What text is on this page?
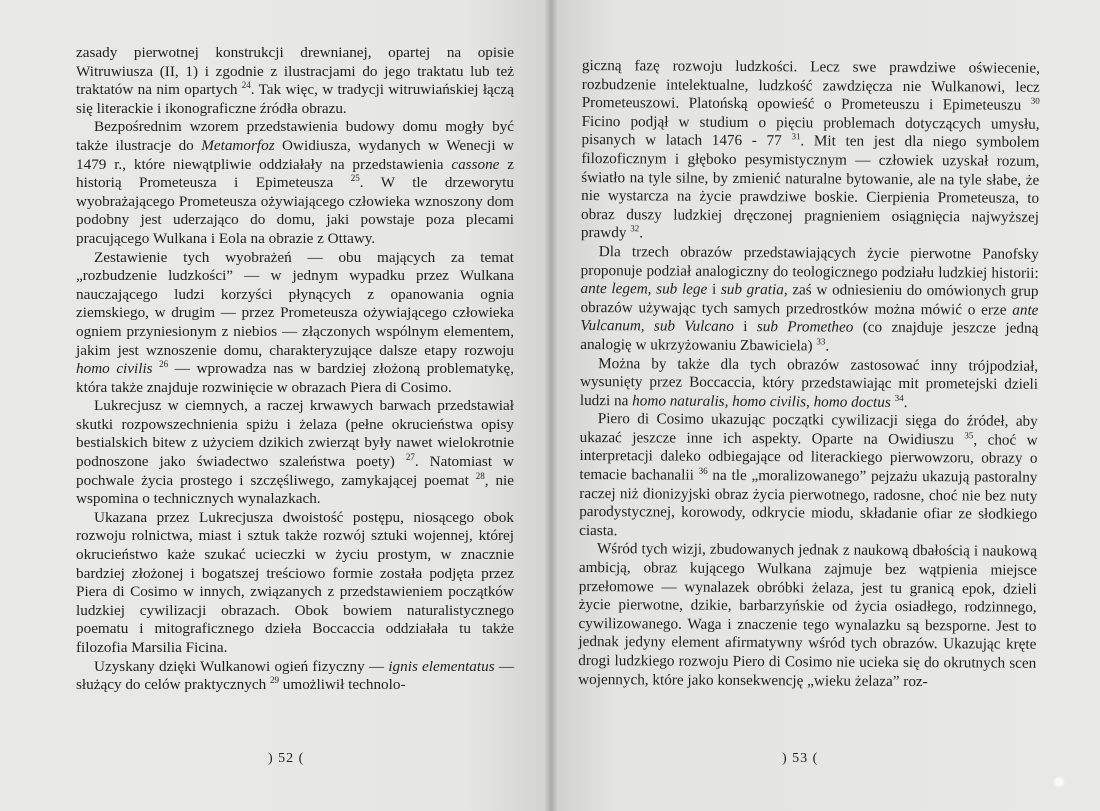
zasady pierwotnej konstrukcji drewnianej, opartej na opisie Witruwiusza (II, 1) i zgodnie z ilustracjami do jego traktatu lub też traktatów na nim opartych $^{24}$. Tak więc, w tradycji witruwiańskiej łączą się literackie i ikonograficzne źródła obrazu.

Bezpośrednim wzorem przedstawienia budowy domu mogły być także ilustracje do Metamorfoz Owidiusza, wydanych w Wenecji w 1479 r., które niewątpliwie oddziałały na przedstawienia cassone z historią Prometeusza i Epimeteusza $^{25}$. W tle drzeworytu wyobrażającego Prometeusza ożywiającego człowieka wznoszony dom podobny jest uderzająco do domu, jaki powstaje poza plecami pracującego Wulkana i Eola na obrazie z Ottawy.

Zestawienie tych wyobrażeń — obu mających za temat „rozbudzenie ludzkości” — w jednym wypadku przez Wulkana nauczającego ludzi korzyści płynących z opanowania ognia ziemskiego, w drugim — przez Prometeusza ożywiającego człowieka ogniem przyniesionym z niebios — złączonych wspólnym elementem, jakim jest wznoszenie domu, charakteryzujące dalsze etapy rozwoju homo civilis $^{26}$ — wprowadza nas w bardziej złożoną problematykę, która także znajduje rozwinięcie w obrazach Piera di Cosimo.

Lukrecjusz w ciemnych, a raczej krwawych barwach przedstawiał skutki rozpowszechnienia spiżu i żelaza (pełne okrucieństwa opisy bestialskich bitew z użyciem dzikich zwierząt były nawet wielokrotnie podnoszone jako świadectwo szaleństwa poety) $^{27}$. Natomiast w pochwale życia prostego i szczęśliwego, zamykającej poemat $^{28}$, nie wspomina o technicznych wynalazkach.

Ukazana przez Lukrecjusza dwoistość postępu, niosącego obok rozwoju rolnictwa, miast i sztuk także rozwój sztuki wojennej, której okrucieństwo każe szukać ucieczki w życiu prostym, w znacznie bardziej złożonej i bogatszej treściowo formie została podjęta przez Piera di Cosimo w innych, związanych z przedstawieniem początków ludzkiej cywilizacji obrazach. Obok bowiem naturalistycznego poematu i mitograficznego dzieła Boccaccia oddziałała tu także filozofia Marsilia Ficina.

Uzyskany dzięki Wulkanowi ogień fizyczny — ignis elementatus — służący do celów praktycznych $^{29}$ umożliwił technolo-

) 52 (

giczną fazę rozwoju ludzkości. Lecz swe prawdziwe oświecenie, rozbudzenie intelektualne, ludzkość zawdzięcza nie Wulkanowi, lecz Prometeuszowi. Platońską opowieść o Prometeuszu i Epimeteuszu $^{30}$ Ficino podjął w studium o pięciu problemach dotyczących umysłu, pisanych w latach 1476 - 77 $^{31}$. Mit ten jest dla niego symbolem filozoficznym i głęboko pesymistycznym — człowiek uzyskał rozum, światło na tyle silne, by zmienić naturalne bytowanie, ale na tyle słabe, że nie wystarcza na życie prawdziwe boskie. Cierpienia Prometeusza, to obraz duszy ludzkiej dręczonej pragnieniem osiągnięcia najwyższej prawdy $^{32}$.

Dla trzech obrazów przedstawiających życie pierwotne Panofsky proponuje podział analogiczny do teologicznego podziału ludzkiej historii: ante legem, sub lege i sub gratia, zaś w odniesieniu do omówionych grup obrazów używając tych samych przedrostków można mówić o erze ante Vulcanum, sub Vulcano i sub Prometheo (co znajduje jeszcze jedną analogię w ukrzyżowaniu Zbawiciela) $^{33}$.

Można by także dla tych obrazów zastosować inny trójpodział, wysunięty przez Boccaccia, który przedstawiając mit prometejski dzieli ludzi na homo naturalis, homo civilis, homo doctus $^{34}$.

Piero di Cosimo ukazując początki cywilizacji sięga do źródeł, aby ukazać jeszcze inne ich aspekty. Oparte na Owidiuszu $^{35}$, choć w interpretacji daleko odbiegające od literackiego pierwowzoru, obrazy o temacie bachanalii $^{36}$ na tle „moralizowanego” pejzażu ukazują pastoralny raczej niż dionizyjski obraz życia pierwotnego, radosne, choć nie bez nuty parodystycznej, korowody, odkrycie miodu, składanie ofiar ze słodkiego ciasta.

Wśród tych wizji, zbudowanych jednak z naukową dbałością i naukową ambicją, obraz kującego Wulkana zajmuje bez wątpienia miejsce przełomowe — wynalazek obróbki żelaza, jest tu granicą epok, dzieli życie pierwotne, dzikie, barbarzyńskie od życia osiadłego, rodzinnego, cywilizowanego. Waga i znaczenie tego wynalazku są bezsporne. Jest to jednak jedyny element afirmatywny wśród tych obrazów. Ukazując kręte drogi ludzkiego rozwoju Piero di Cosimo nie ucieka się do okrutnych scen wojennych, które jako konsekwencję „wieku żelaza” roz-

) 53 (
